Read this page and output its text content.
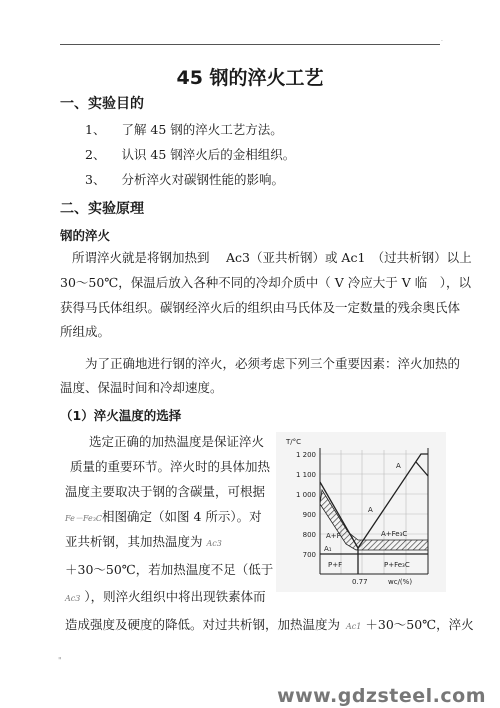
.
45 钢的淬火工艺
一、实验目的
1、 了解 45 钢的淬火工艺方法。
2、 认识 45 钢淬火后的金相组织。
3、 分析淬火对碳钢性能的影响。
二、实验原理
钢的淬火
所谓淬火就是将钢加热到　 Ac3（亚共析钢）或 Ac1　（过共析钢）以上
30～50℃，保温后放入各种不同的冷却介质中（ V 冷应大于 V 临　），以
获得马氏体组织。碳钢经淬火后的组织由马氏体及一定数量的残余奥氏体
所组成。
为了正确地进行钢的淬火，必须考虑下列三个重要因素：淬火加热的
温度、保温时间和冷却速度。
（1）淬火温度的选择
选定正确的加热温度是保证淬火
质量的重要环节。淬火时的具体加热
温度主要取决于钢的含碳量，可根据
Fe－Fe₃C相图确定（如图 4 所示）。对
亚共析钢，其加热温度为 Ac3
＋30～50℃，若加热温度不足（低于
Ac3 ），则淬火组织中将出现铁素体而
造成强度及硬度的降低。对过共析钢，加热温度为 Ac1 ＋30～50℃，淬火
T/°C
1 200
1 100
1 000
900
800
700
A
A
A+F	A+Fe₃C
P+F	P+Fe₃C
A₁
0.77	wc/(%)
"
www.gdzsteel.com
